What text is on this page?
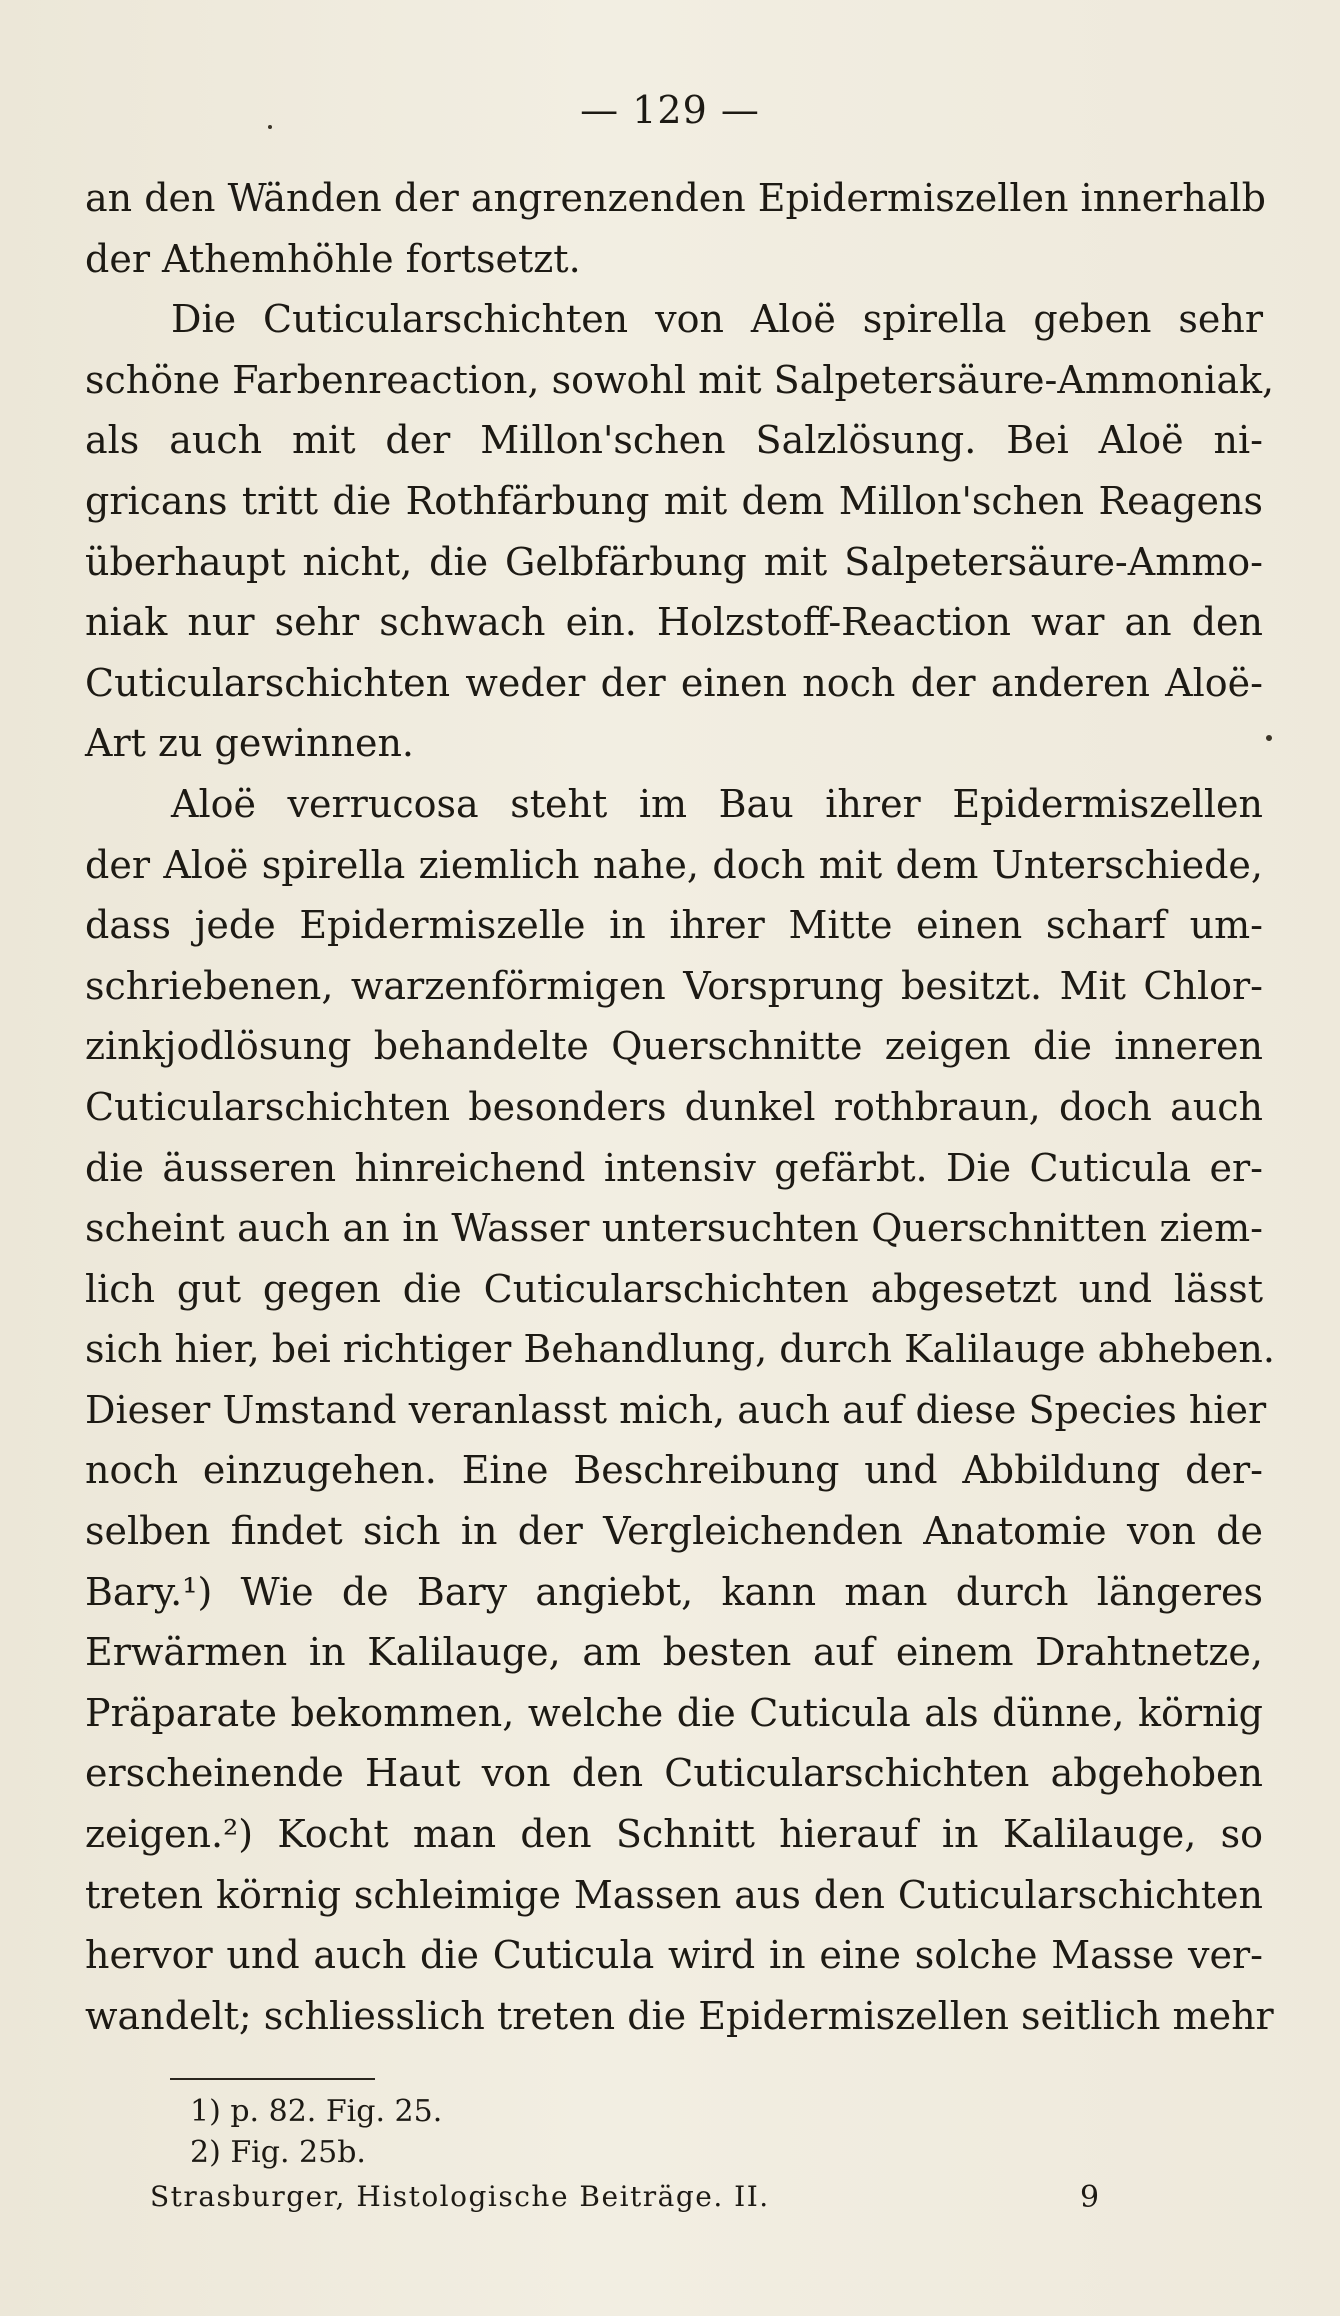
— 129 —
an den Wänden der angrenzenden Epidermiszellen innerhalb
der Athemhöhle fortsetzt.
Die Cuticularschichten von Aloë spirella geben sehr
schöne Farbenreaction, sowohl mit Salpetersäure-Ammoniak,
als auch mit der Millon'schen Salzlösung. Bei Aloë ni-
gricans tritt die Rothfärbung mit dem Millon'schen Reagens
überhaupt nicht, die Gelbfärbung mit Salpetersäure-Ammo-
niak nur sehr schwach ein. Holzstoff-Reaction war an den
Cuticularschichten weder der einen noch der anderen Aloë-
Art zu gewinnen.
Aloë verrucosa steht im Bau ihrer Epidermiszellen
der Aloë spirella ziemlich nahe, doch mit dem Unterschiede,
dass jede Epidermiszelle in ihrer Mitte einen scharf um-
schriebenen, warzenförmigen Vorsprung besitzt. Mit Chlor-
zinkjodlösung behandelte Querschnitte zeigen die inneren
Cuticularschichten besonders dunkel rothbraun, doch auch
die äusseren hinreichend intensiv gefärbt. Die Cuticula er-
scheint auch an in Wasser untersuchten Querschnitten ziem-
lich gut gegen die Cuticularschichten abgesetzt und lässt
sich hier, bei richtiger Behandlung, durch Kalilauge abheben.
Dieser Umstand veranlasst mich, auch auf diese Species hier
noch einzugehen. Eine Beschreibung und Abbildung der-
selben findet sich in der Vergleichenden Anatomie von de
Bary.¹) Wie de Bary angiebt, kann man durch längeres
Erwärmen in Kalilauge, am besten auf einem Drahtnetze,
Präparate bekommen, welche die Cuticula als dünne, körnig
erscheinende Haut von den Cuticularschichten abgehoben
zeigen.²) Kocht man den Schnitt hierauf in Kalilauge, so
treten körnig schleimige Massen aus den Cuticularschichten
hervor und auch die Cuticula wird in eine solche Masse ver-
wandelt; schliesslich treten die Epidermiszellen seitlich mehr
1) p. 82. Fig. 25.
2) Fig. 25b.
Strasburger, Histologische Beiträge. II.	9
